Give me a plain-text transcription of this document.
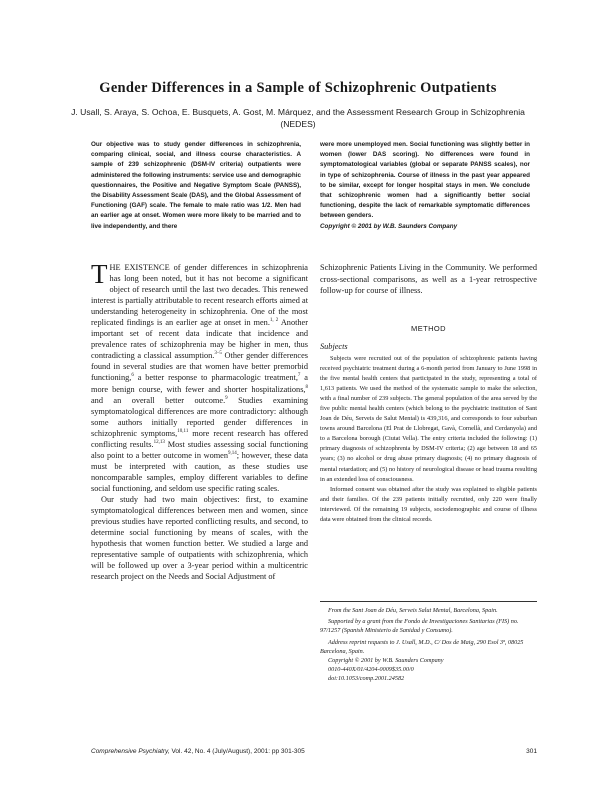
Gender Differences in a Sample of Schizophrenic Outpatients
J. Usall, S. Araya, S. Ochoa, E. Busquets, A. Gost, M. Márquez, and the Assessment Research Group in Schizophrenia (NEDES)
Our objective was to study gender differences in schizophrenia, comparing clinical, social, and illness course characteristics. A sample of 239 schizophrenic (DSM-IV criteria) outpatients were administered the following instruments: service use and demographic questionnaires, the Positive and Negative Symptom Scale (PANSS), the Disability Assessment Scale (DAS), and the Global Assessment of Functioning (GAF) scale. The female to male ratio was 1/2. Men had an earlier age at onset. Women were more likely to be married and to live independently, and there
were more unemployed men. Social functioning was slightly better in women (lower DAS scoring). No differences were found in symptomatological variables (global or separate PANSS scales), nor in type of schizophrenia. Course of illness in the past year appeared to be similar, except for longer hospital stays in men. We conclude that schizophrenic women had a significantly better social functioning, despite the lack of remarkable symptomatic differences between genders.
Copyright © 2001 by W.B. Saunders Company

THE EXISTENCE of gender differences in schizophrenia has long been noted, but it has not become a significant object of research until the last two decades. This renewed interest is partially attributable to recent research efforts aimed at understanding heterogeneity in schizophrenia. One of the most replicated findings is an earlier age at onset in men.$^{1, 2}$ Another important set of recent data indicate that incidence and prevalence rates of schizophrenia may be higher in men, thus contradicting a classical assumption.$^{3-5}$ Other gender differences found in several studies are that women have better premorbid functioning,$^6$ a better response to pharmacologic treatment,$^7$ a more benign course, with fewer and shorter hospitalizations,$^8$ and an overall better outcome.$^9$ Studies examining symptomatological differences are more contradictory: although some authors initially reported gender differences in schizophrenic symptoms,$^{10,11}$ more recent research has offered conflicting results.$^{12,13}$ Most studies assessing social functioning also point to a better outcome in women$^{9,14}$; however, these data must be interpreted with caution, as these studies use noncomparable samples, employ different variables to define social functioning, and seldom use specific rating scales.

Our study had two main objectives: first, to examine symptomatological differences between men and women, since previous studies have reported conflicting results, and second, to determine social functioning by means of scales, with the hypothesis that women function better. We studied a large and representative sample of outpatients with schizophrenia, which will be followed up over a 3-year period within a multicentric research project on the Needs and Social Adjustment of

Schizophrenic Patients Living in the Community. We performed cross-sectional comparisons, as well as a 1-year retrospective follow-up for course of illness.

METHOD
Subjects

Subjects were recruited out of the population of schizophrenic patients having received psychiatric treatment during a 6-month period from January to June 1998 in the five mental health centers that participated in the study, representing a total of 1,613 patients. We used the method of the systematic sample to make the selection, with a final number of 239 subjects. The general population of the area served by the five public mental health centers (which belong to the psychiatric institution of Sant Joan de Déu, Serveis de Salut Mental) is 439,316, and corresponds to four suburban towns around Barcelona (El Prat de Llobregat, Gavà, Cornellà, and Cerdanyola) and to a Barcelona borough (Ciutat Vella). The entry criteria included the following: (1) primary diagnosis of schizophrenia by DSM-IV criteria; (2) age between 18 and 65 years; (3) no alcohol or drug abuse primary diagnosis; (4) no primary diagnosis of mental retardation; and (5) no history of neurological disease or head trauma resulting in an extended loss of consciousness.

Informed consent was obtained after the study was explained to eligible patients and their families. Of the 239 patients initially recruited, only 220 were finally interviewed. Of the remaining 19 subjects, sociodemographic and course of illness data were obtained from the clinical records.

From the Sant Joan de Déu, Serveis Salut Mental, Barcelona, Spain.

Supported by a grant from the Fondo de Investigaciones Sanitarias (FIS) no. 97/1257 (Spanish Ministerio de Sanidad y Consumo).

Address reprint requests to J. Usall, M.D., C/ Dos de Maig, 290 Esol 3ª, 08025 Barcelona, Spain.

Copyright © 2001 by W.B. Saunders Company

0010-440X/01/4204-0009$35.00/0

doi:10.1053/comp.2001.24582

Comprehensive Psychiatry, Vol. 42, No. 4 (July/August), 2001: pp 301-305	301
